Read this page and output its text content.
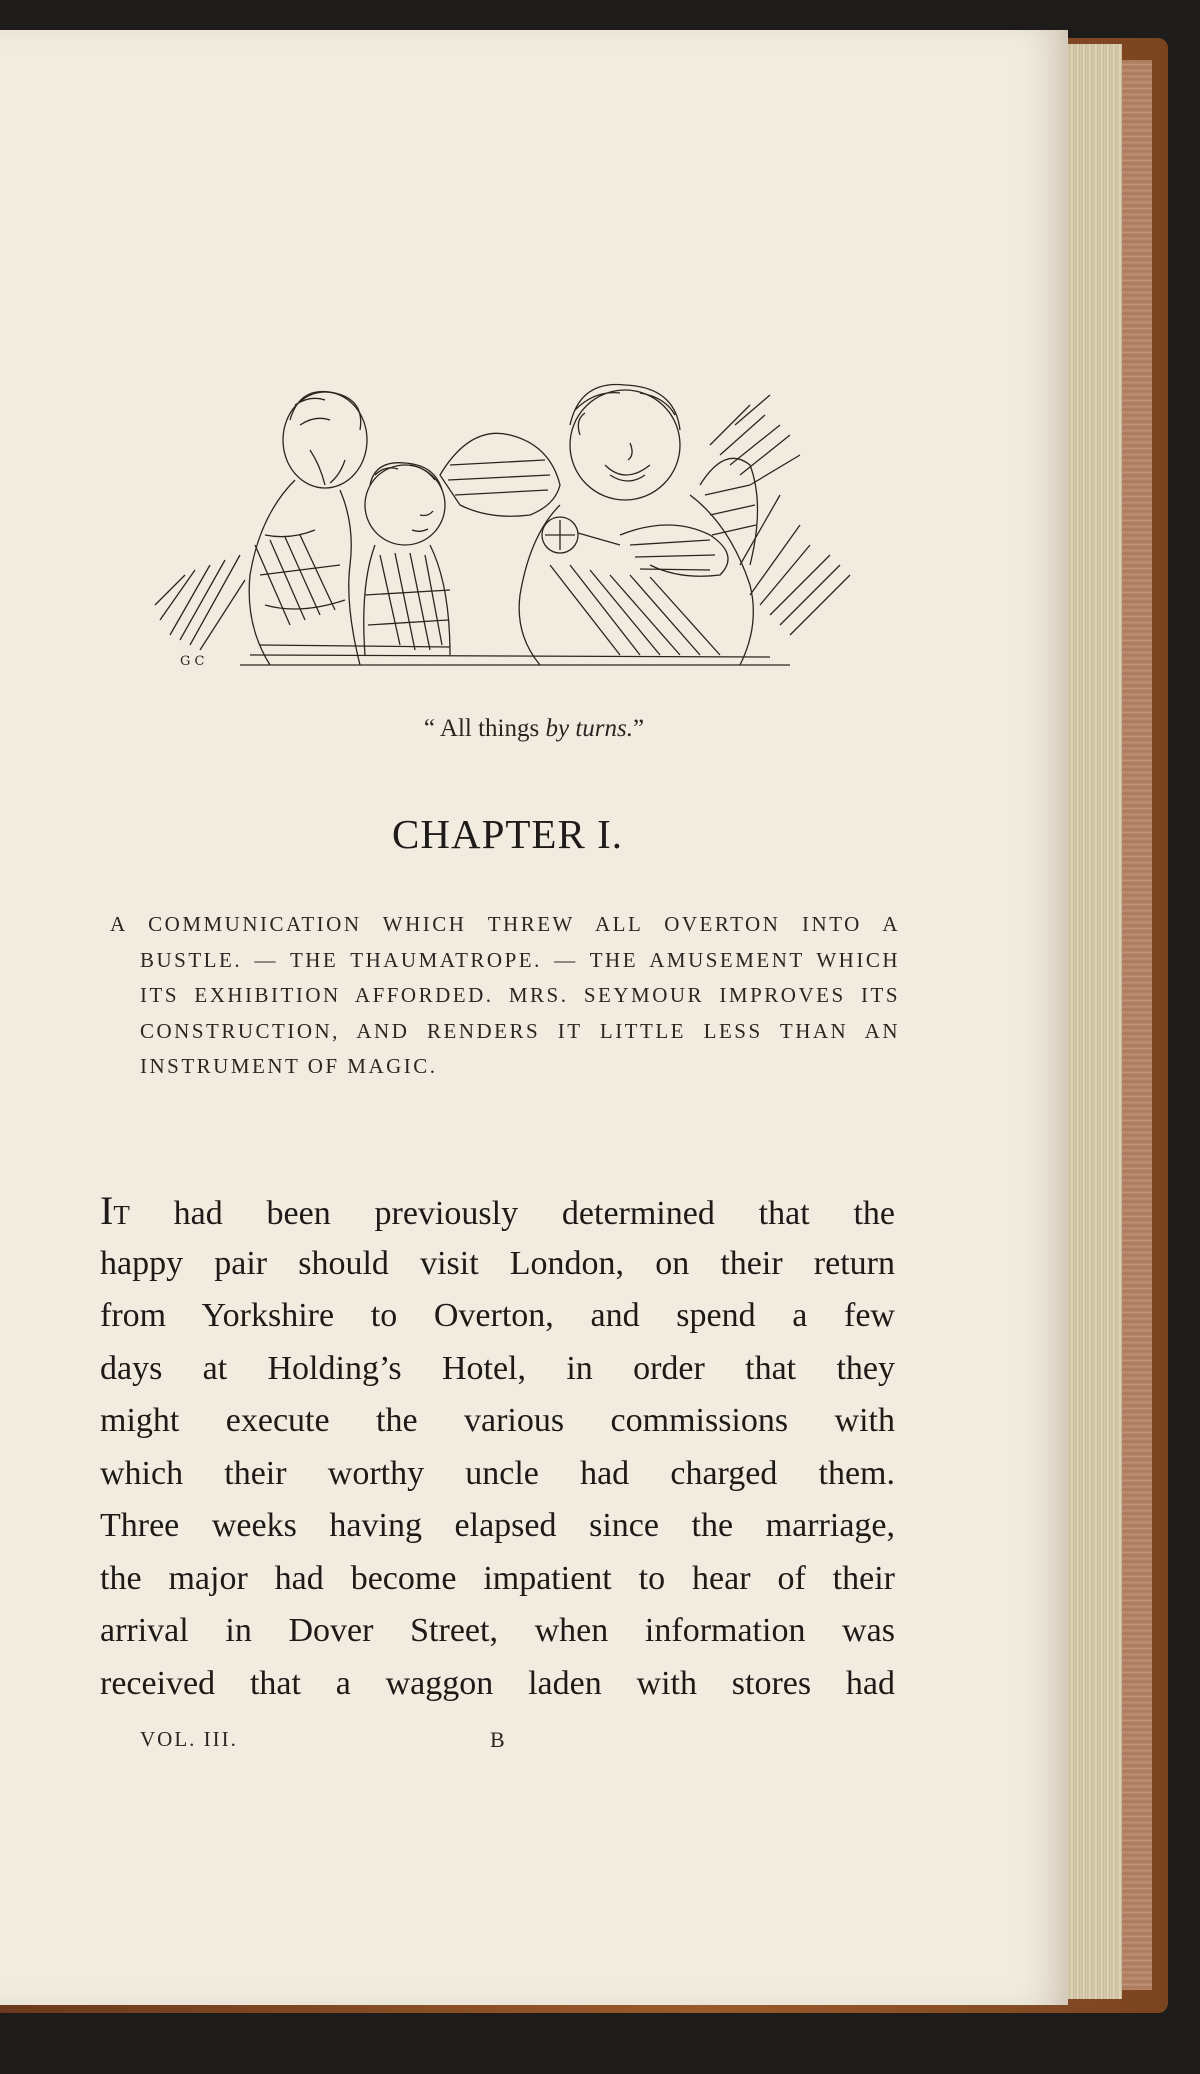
G C
“ All things by turns.”
CHAPTER I.
A COMMUNICATION WHICH THREW ALL OVERTON INTO A BUSTLE. — THE THAUMATROPE. — THE AMUSEMENT WHICH ITS EXHIBITION AFFORDED. MRS. SEYMOUR IMPROVES ITS CONSTRUCTION, AND RENDERS IT LITTLE LESS THAN AN INSTRUMENT OF MAGIC.
IT had been previously determined that the
happy pair should visit London, on their return
from Yorkshire to Overton, and spend a few
days at Holding’s Hotel, in order that they
might execute the various commissions with
which their worthy uncle had charged them.
Three weeks having elapsed since the marriage,
the major had become impatient to hear of their
arrival in Dover Street, when information was
received that a waggon laden with stores had
VOL. III.	B
